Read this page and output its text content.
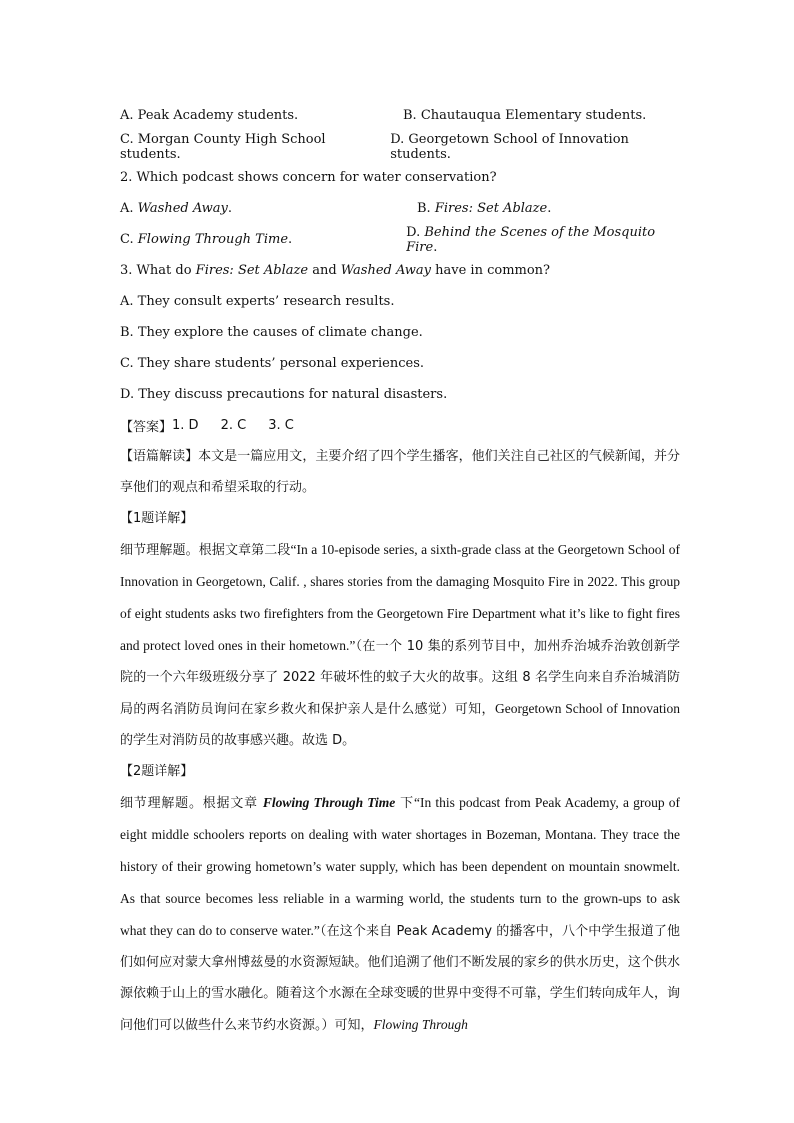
A. Peak Academy students.	B. Chautauqua Elementary students.
C. Morgan County High School students.
D. Georgetown School of Innovation students.
2. Which podcast shows concern for water conservation?
A. Washed Away.	B. Fires: Set Ablaze.
C. Flowing Through Time.	D. Behind the Scenes of the Mosquito Fire.
3. What do
Fires: Set Ablaze
and
Washed Away
have in common?
A. They consult experts’ research results.
B. They explore the causes of climate change.
C. They share students’ personal experiences.
D. They discuss precautions for natural disasters.
【答案】 1. D 2. C 3. C
【语篇解读】本文是一篇应用文，主要介绍了四个学生播客，他们关注自己社区的气候新闻，并分享他们的观点和希望采取的行动。
【1题详解】
细节理解题。根据文章第二段“In a 10-episode series, a sixth-grade class at the Georgetown School of Innovation in Georgetown, Calif. , shares stories from the damaging Mosquito Fire in 2022. This group of eight students asks two firefighters from the Georgetown Fire Department what it’s like to fight fires and protect loved ones in their hometown.”（在一个 10 集的系列节目中，加州乔治城乔治敦创新学院的一个六年级班级分享了 2022 年破坏性的蚊子大火的故事。这组 8 名学生向来自乔治城消防局的两名消防员询问在家乡救火和保护亲人是什么感觉）可知，Georgetown School of Innovation 的学生对消防员的故事感兴趣。故选 D。
【2题详解】
细节理解题。根据文章 Flowing Through Time 下“In this podcast from Peak Academy, a group of eight middle schoolers reports on dealing with water shortages in Bozeman, Montana. They trace the history of their growing hometown’s water supply, which has been dependent on mountain snowmelt. As that source becomes less reliable in a warming world, the students turn to the grown-ups to ask what they can do to conserve water.”（在这个来自 Peak Academy 的播客中，八个中学生报道了他们如何应对蒙大拿州博兹曼的水资源短缺。他们追溯了他们不断发展的家乡的供水历史，这个供水源依赖于山上的雪水融化。随着这个水源在全球变暖的世界中变得不可靠，学生们转向成年人，询问他们可以做些什么来节约水资源。）可知，Flowing Through
